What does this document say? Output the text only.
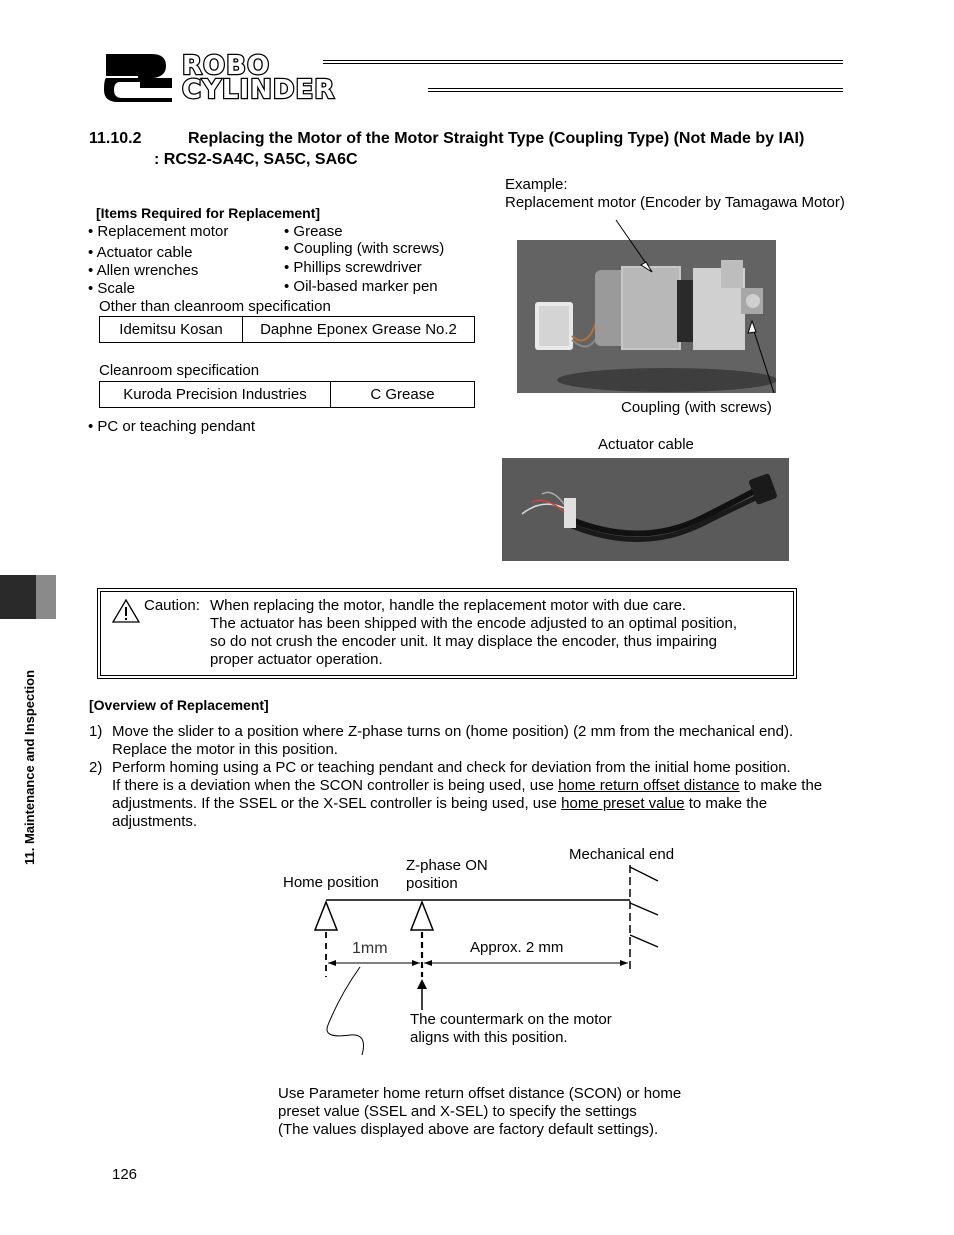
ROBO
CYLINDER
11.10.2	Replacing the Motor of the Motor Straight Type (Coupling Type) (Not Made by IAI)
: RCS2-SA4C, SA5C, SA6C
[Items Required for Replacement]
• Replacement motor
• Actuator cable
• Allen wrenches
• Scale
• Grease
• Coupling (with screws)
• Phillips screwdriver
• Oil-based marker pen
Other than cleanroom specification
Idemitsu Kosan	Daphne Eponex Grease No.2
Cleanroom specification
Kuroda Precision Industries	C Grease
• PC or teaching pendant
Example:
Replacement motor (Encoder by Tamagawa Motor)
Coupling (with screws)
Actuator cable
Caution: When replacing the motor, handle the replacement motor with due care.
The actuator has been shipped with the encode adjusted to an optimal position,
so do not crush the encoder unit. It may displace the encoder, thus impairing
proper actuator operation.
[Overview of Replacement]
1) Move the slider to a position where Z-phase turns on (home position) (2 mm from the mechanical end).
Replace the motor in this position.
2) Perform homing using a PC or teaching pendant and check for deviation from the initial home position.
If there is a deviation when the SCON controller is being used, use home return offset distance to make the
adjustments. If the SSEL or the X-SEL controller is being used, use home preset value to make the
adjustments.
Home position
Z-phase ON
position
Mechanical end
1mm	Approx. 2 mm
The countermark on the motor
aligns with this position.
Use Parameter home return offset distance (SCON) or home
preset value (SSEL and X-SEL) to specify the settings
(The values displayed above are factory default settings).
11. Maintenance and Inspection
126
